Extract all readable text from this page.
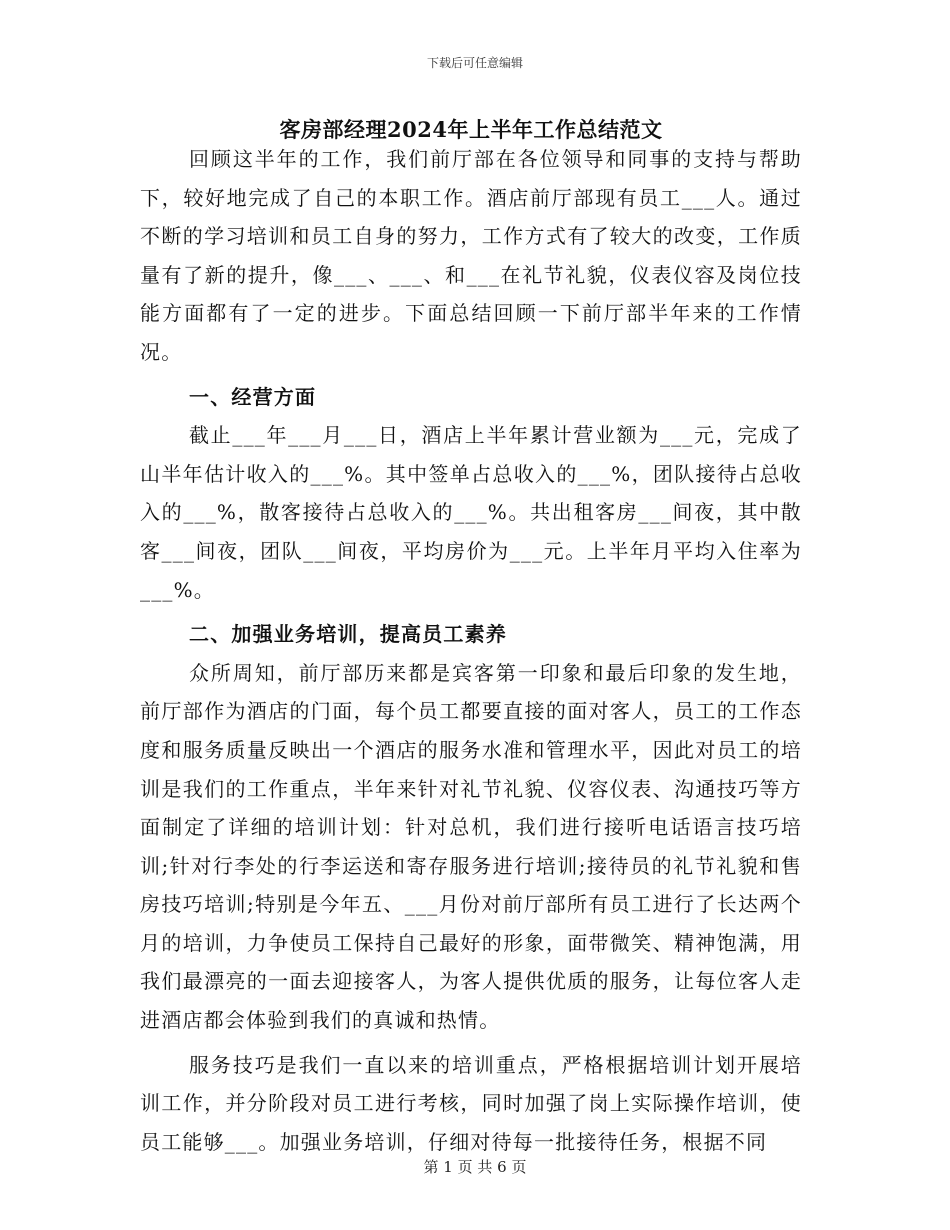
下载后可任意编辑
客房部经理2024年上半年工作总结范文

回顾这半年的工作，我们前厅部在各位领导和同事的支持与帮助下，较好地完成了自己的本职工作。酒店前厅部现有员工___人。通过不断的学习培训和员工自身的努力，工作方式有了较大的改变，工作质量有了新的提升，像___、___、和___在礼节礼貌，仪表仪容及岗位技能方面都有了一定的进步。下面总结回顾一下前厅部半年来的工作情况。

一、经营方面

截止___年___月___日，酒店上半年累计营业额为___元，完成了山半年估计收入的___%。其中签单占总收入的___%，团队接待占总收入的___%，散客接待占总收入的___%。共出租客房___间夜，其中散客___间夜，团队___间夜，平均房价为___元。上半年月平均入住率为___%。

二、加强业务培训，提高员工素养

众所周知，前厅部历来都是宾客第一印象和最后印象的发生地，前厅部作为酒店的门面，每个员工都要直接的面对客人，员工的工作态度和服务质量反映出一个酒店的服务水准和管理水平，因此对员工的培训是我们的工作重点，半年来针对礼节礼貌、仪容仪表、沟通技巧等方面制定了详细的培训计划：针对总机，我们进行接听电话语言技巧培训;针对行李处的行李运送和寄存服务进行培训;接待员的礼节礼貌和售房技巧培训;特别是今年五、___月份对前厅部所有员工进行了长达两个月的培训，力争使员工保持自己最好的形象，面带微笑、精神饱满，用我们最漂亮的一面去迎接客人，为客人提供优质的服务，让每位客人走进酒店都会体验到我们的真诚和热情。

服务技巧是我们一直以来的培训重点，严格根据培训计划开展培训工作，并分阶段对员工进行考核，同时加强了岗上实际操作培训，使员工能够___。加强业务培训，仔细对待每一批接待任务，根据不同

第 1 页 共 6 页
